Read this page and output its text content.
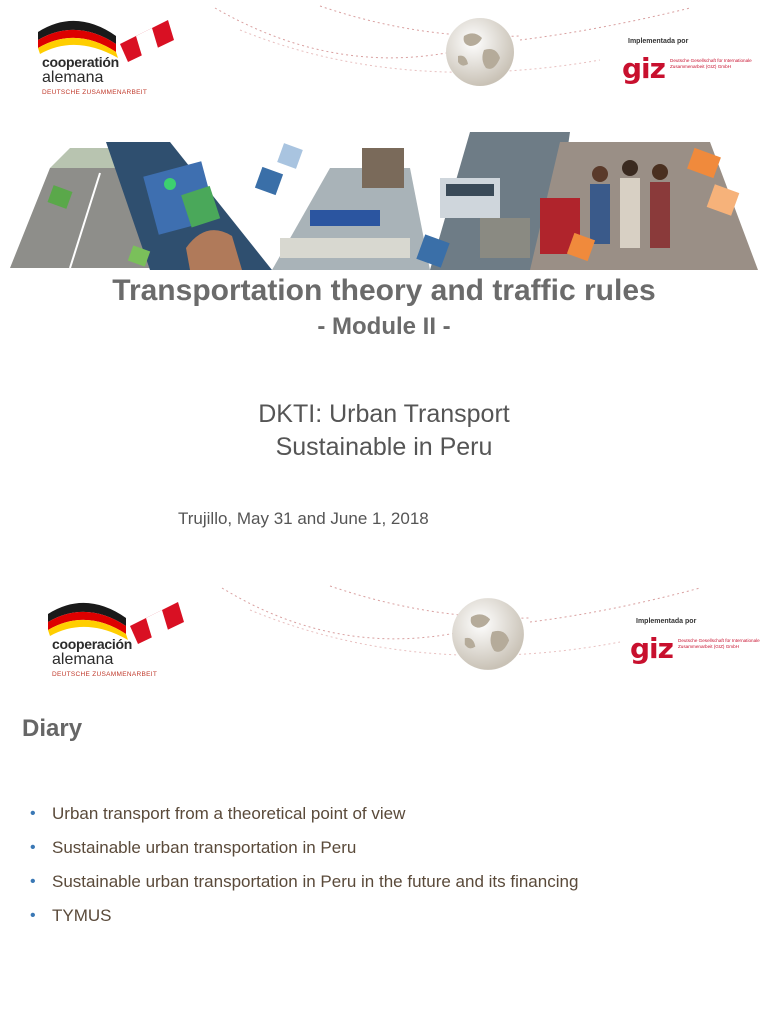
cooperatión
alemana
DEUTSCHE ZUSAMMENARBEIT
Implementada por
giz Deutsche Gesellschaft für Internationale Zusammenarbeit (GIZ) GmbH
Transportation theory and traffic rules
- Module II -
DKTI: Urban Transport
Sustainable in Peru
Trujillo, May 31 and June 1, 2018
cooperación
alemana
DEUTSCHE ZUSAMMENARBEIT
Implementada por
giz Deutsche Gesellschaft für Internationale Zusammenarbeit (GIZ) GmbH
Diary
• Urban transport from a theoretical point of view
• Sustainable urban transportation in Peru
• Sustainable urban transportation in Peru in the future and its financing
• TYMUS
